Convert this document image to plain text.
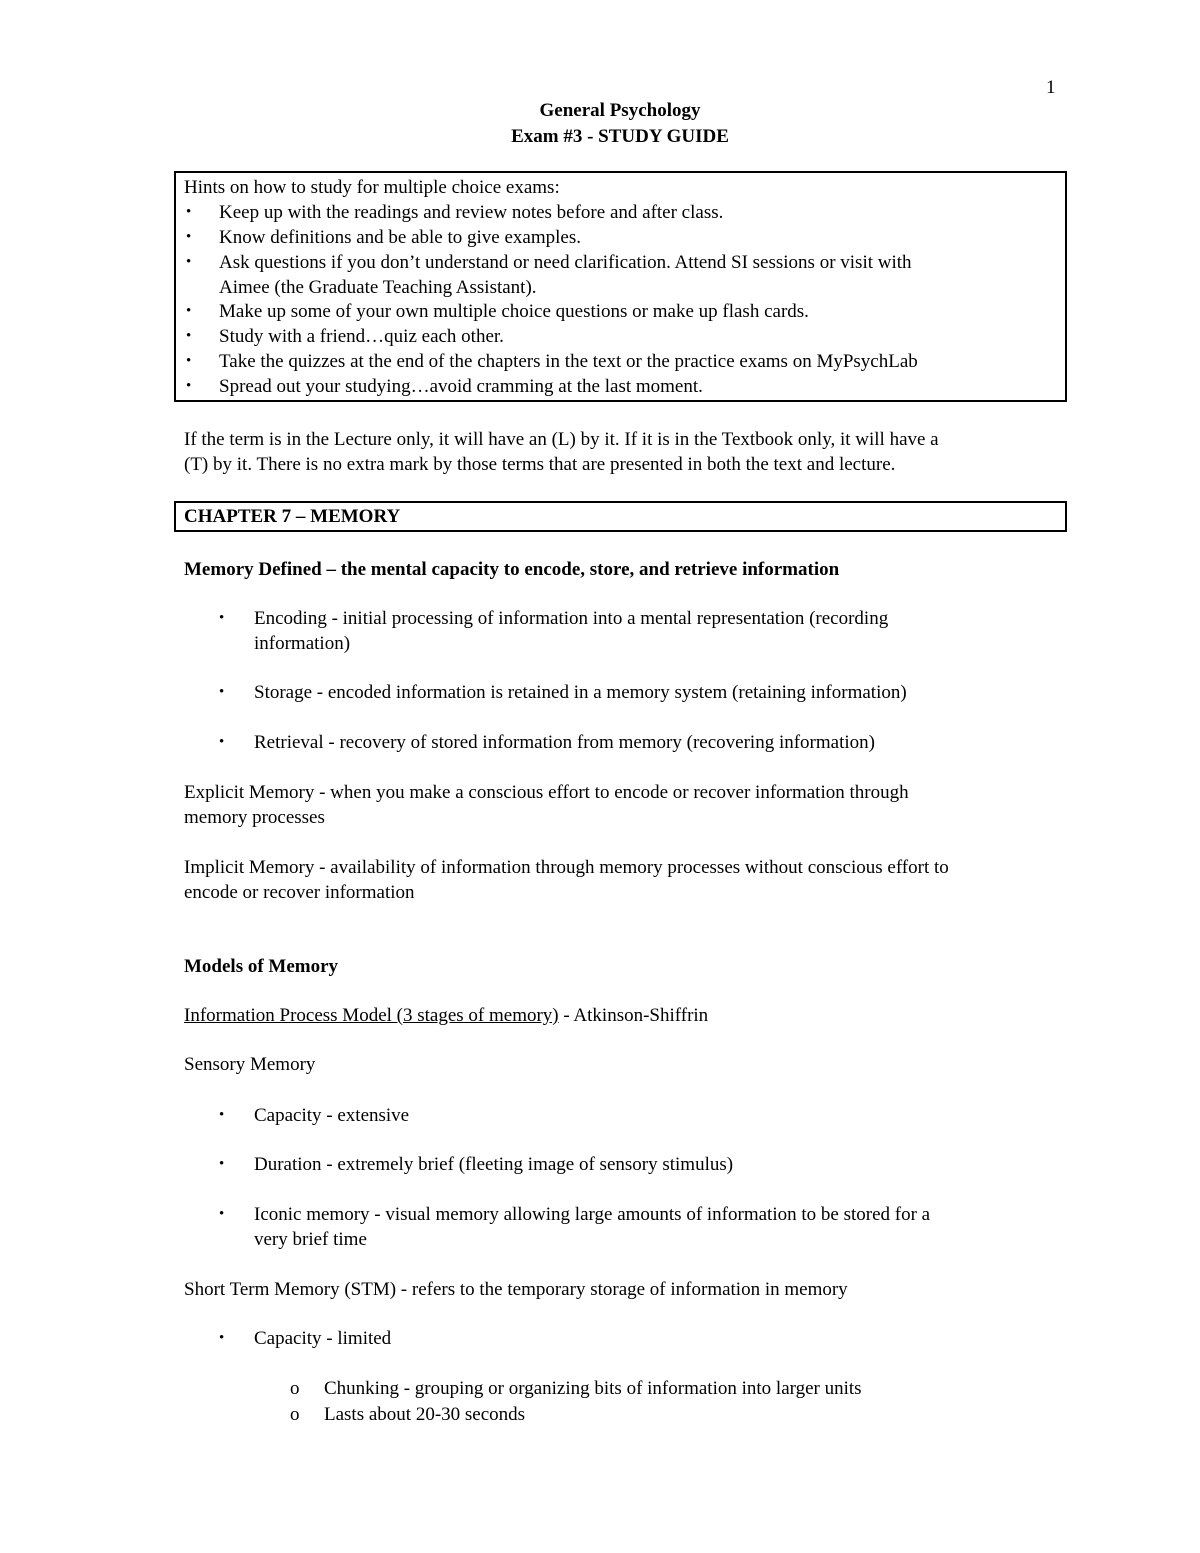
1
General Psychology
Exam #3 - STUDY GUIDE
Hints on how to study for multiple choice exams:
• Keep up with the readings and review notes before and after class.
• Know definitions and be able to give examples.
• Ask questions if you don’t understand or need clarification. Attend SI sessions or visit with
Aimee (the Graduate Teaching Assistant).
• Make up some of your own multiple choice questions or make up flash cards.
• Study with a friend…quiz each other.
• Take the quizzes at the end of the chapters in the text or the practice exams on MyPsychLab
• Spread out your studying…avoid cramming at the last moment.
If the term is in the Lecture only, it will have an (L) by it. If it is in the Textbook only, it will have a
(T) by it. There is no extra mark by those terms that are presented in both the text and lecture.
CHAPTER 7 – MEMORY
Memory Defined – the mental capacity to encode, store, and retrieve information
• Encoding - initial processing of information into a mental representation (recording
information)
• Storage - encoded information is retained in a memory system (retaining information)
• Retrieval - recovery of stored information from memory (recovering information)
Explicit Memory - when you make a conscious effort to encode or recover information through
memory processes
Implicit Memory - availability of information through memory processes without conscious effort to
encode or recover information
Models of Memory
Information Process Model (3 stages of memory) - Atkinson-Shiffrin
Sensory Memory
• Capacity - extensive
• Duration - extremely brief (fleeting image of sensory stimulus)
• Iconic memory - visual memory allowing large amounts of information to be stored for a
very brief time
Short Term Memory (STM) - refers to the temporary storage of information in memory
• Capacity - limited
o Chunking - grouping or organizing bits of information into larger units
o Lasts about 20-30 seconds
